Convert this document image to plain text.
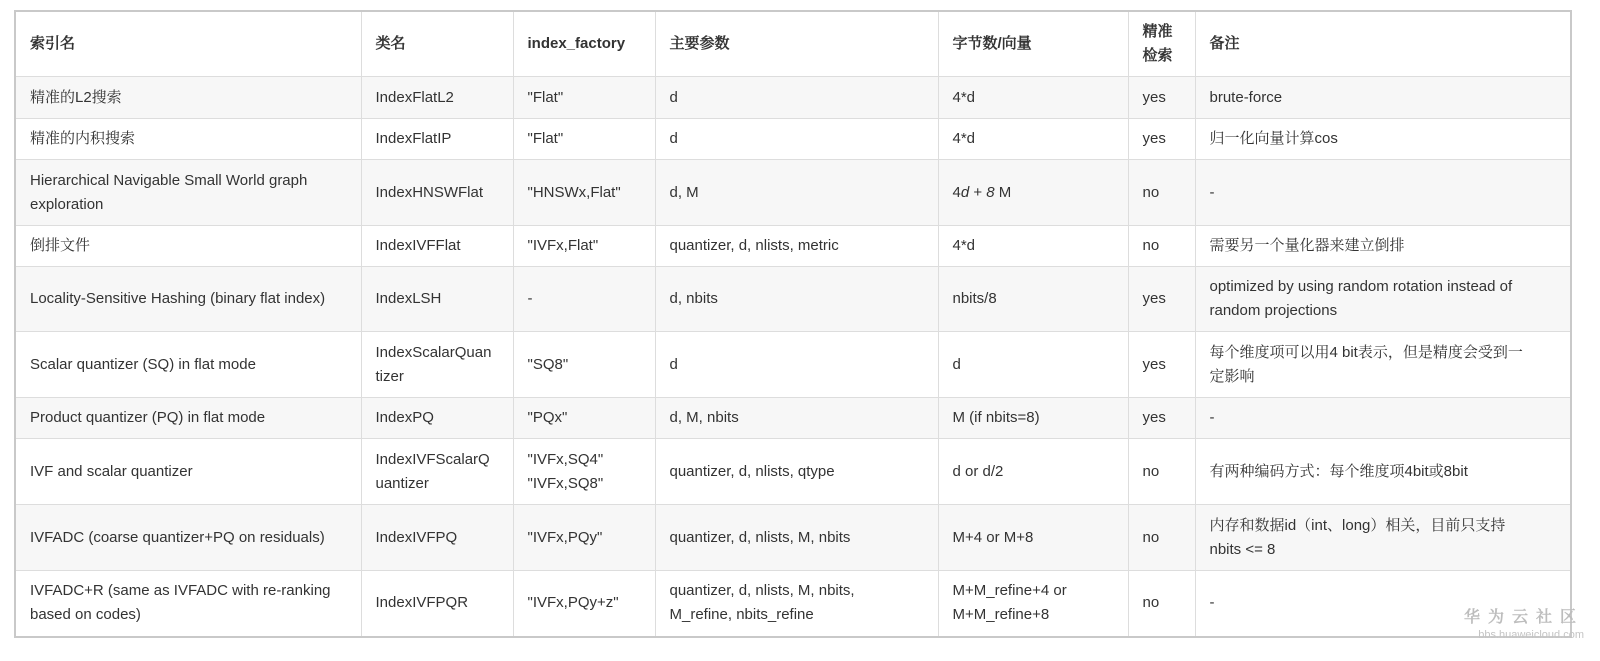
索引名	类名	index_factory	主要参数	字节数/向量	精准
检索	备注

精准的L2搜索	IndexFlatL2	"Flat"	d	4*d	yes	brute-force

精准的内积搜索	IndexFlatIP	"Flat"	d	4*d	yes	归一化向量计算cos

Hierarchical Navigable Small World graph
exploration	IndexHNSWFlat	"HNSWx,Flat"	d, M	4d + 8 M	no	-

倒排文件	IndexIVFFlat	"IVFx,Flat"	quantizer, d, nlists, metric	4*d	no	需要另一个量化器来建立倒排

Locality-Sensitive Hashing (binary flat index)	IndexLSH	-	d, nbits	nbits/8	yes	optimized by using random rotation instead of
random projections

Scalar quantizer (SQ) in flat mode	IndexScalarQuan
tizer	"SQ8"	d	d	yes	每个维度项可以用4 bit表示，但是精度会受到一
定影响

Product quantizer (PQ) in flat mode	IndexPQ	"PQx"	d, M, nbits	M (if nbits=8)	yes	-

IVF and scalar quantizer	IndexIVFScalarQ
uantizer	"IVFx,SQ4"
"IVFx,SQ8"	quantizer, d, nlists, qtype	d or d/2	no	有两种编码方式：每个维度项4bit或8bit

IVFADC (coarse quantizer+PQ on residuals)	IndexIVFPQ	"IVFx,PQy"	quantizer, d, nlists, M, nbits	M+4 or M+8	no	内存和数据id（int、long）相关，目前只支持
nbits <= 8

IVFADC+R (same as IVFADC with re-ranking
based on codes)	IndexIVFPQR	"IVFx,PQy+z"	quantizer, d, nlists, M, nbits,
M_refine, nbits_refine	M+M_refine+4 or
M+M_refine+8	no	-
华为云社区
bbs.huaweicloud.com
